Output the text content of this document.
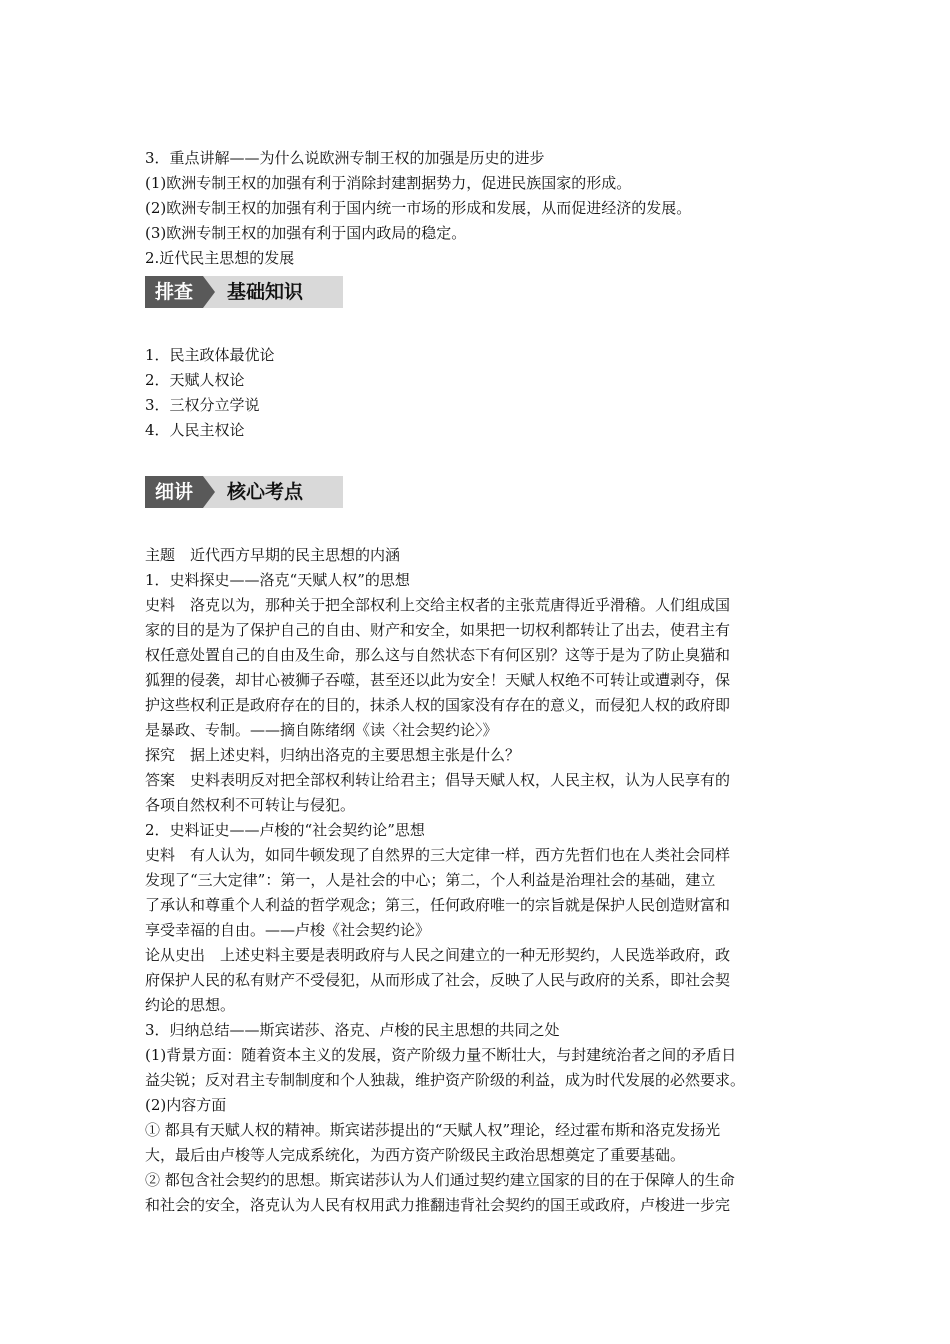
3．重点讲解——为什么说欧洲专制王权的加强是历史的进步
(1)欧洲专制王权的加强有利于消除封建割据势力，促进民族国家的形成。
(2)欧洲专制王权的加强有利于国内统一市场的形成和发展，从而促进经济的发展。
(3)欧洲专制王权的加强有利于国内政局的稳定。
2.近代民主思想的发展
排查	基础知识
1．民主政体最优论
2．天赋人权论
3．三权分立学说
4．人民主权论
细讲	核心考点
主题　近代西方早期的民主思想的内涵
1．史料探史——洛克“天赋人权”的思想
史料　洛克以为，那种关于把全部权利上交给主权者的主张荒唐得近乎滑稽。人们组成国
家的目的是为了保护自己的自由、财产和安全，如果把一切权利都转让了出去，使君主有
权任意处置自己的自由及生命，那么这与自然状态下有何区别？这等于是为了防止臭猫和
狐狸的侵袭，却甘心被狮子吞噬，甚至还以此为安全！天赋人权绝不可转让或遭剥夺，保
护这些权利正是政府存在的目的，抹杀人权的国家没有存在的意义，而侵犯人权的政府即
是暴政、专制。——摘自陈绪纲《读〈社会契约论〉》
探究　据上述史料，归纳出洛克的主要思想主张是什么？
答案　史料表明反对把全部权利转让给君主；倡导天赋人权，人民主权，认为人民享有的
各项自然权利不可转让与侵犯。
2．史料证史——卢梭的“社会契约论”思想
史料　有人认为，如同牛顿发现了自然界的三大定律一样，西方先哲们也在人类社会同样
发现了“三大定律”：第一，人是社会的中心；第二，个人利益是治理社会的基础，建立
了承认和尊重个人利益的哲学观念；第三，任何政府唯一的宗旨就是保护人民创造财富和
享受幸福的自由。——卢梭《社会契约论》
论从史出　上述史料主要是表明政府与人民之间建立的一种无形契约，人民选举政府，政
府保护人民的私有财产不受侵犯，从而形成了社会，反映了人民与政府的关系，即社会契
约论的思想。
3．归纳总结——斯宾诺莎、洛克、卢梭的民主思想的共同之处
(1)背景方面：随着资本主义的发展，资产阶级力量不断壮大，与封建统治者之间的矛盾日
益尖锐；反对君主专制制度和个人独裁，维护资产阶级的利益，成为时代发展的必然要求。
(2)内容方面
① 都具有天赋人权的精神。斯宾诺莎提出的“天赋人权”理论，经过霍布斯和洛克发扬光
大，最后由卢梭等人完成系统化，为西方资产阶级民主政治思想奠定了重要基础。
② 都包含社会契约的思想。斯宾诺莎认为人们通过契约建立国家的目的在于保障人的生命
和社会的安全，洛克认为人民有权用武力推翻违背社会契约的国王或政府，卢梭进一步完
